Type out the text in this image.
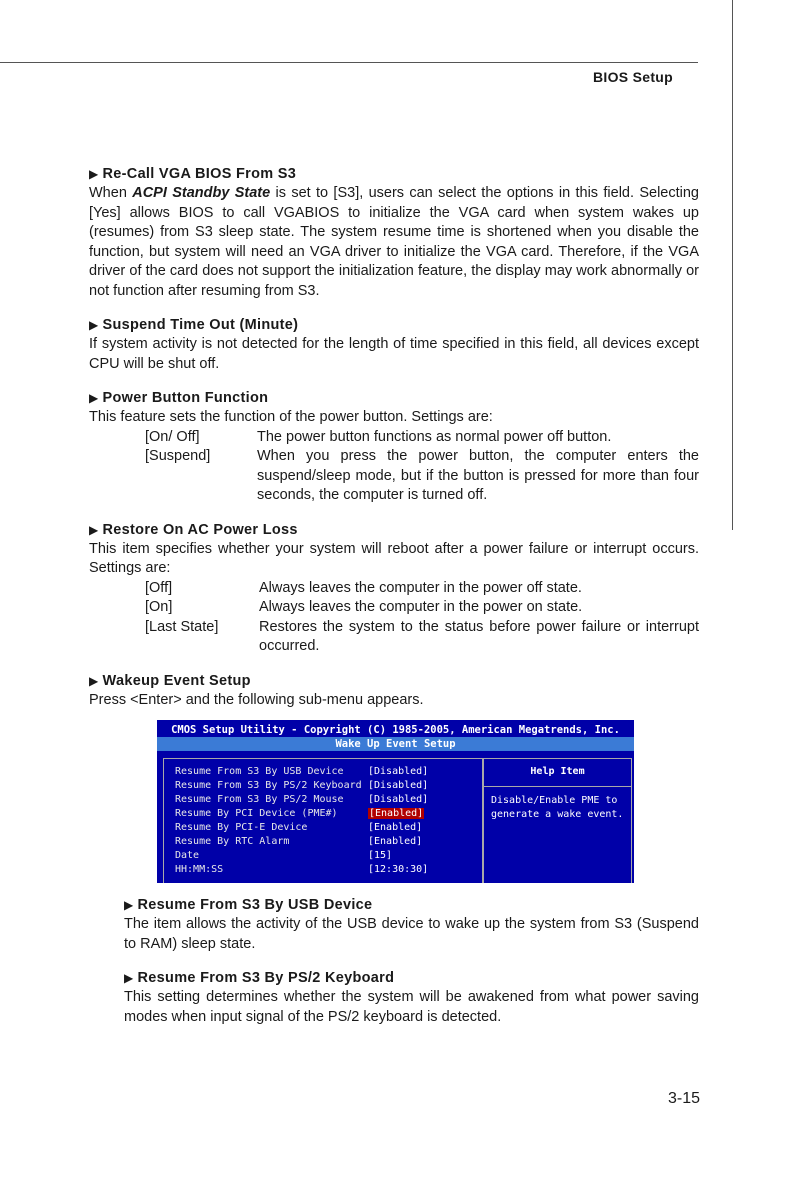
BIOS Setup
▶ Re-Call VGA BIOS From S3

When ACPI Standby State is set to [S3], users can select the options in this field. Selecting [Yes] allows BIOS to call VGABIOS to initialize the VGA card when system wakes up (resumes) from S3 sleep state. The system resume time is shortened when you disable the function, but system will need an VGA driver to initialize the VGA card. Therefore, if the VGA driver of the card does not support the initialization feature, the display may work abnormally or not function after resuming from S3.

▶ Suspend Time Out (Minute)

If system activity is not detected for the length of time specified in this field, all devices except CPU will be shut off.

▶ Power Button Function

This feature sets the function of the power button. Settings are:

[On/ Off]	The power button functions as normal power off button.
[Suspend]	When you press the power button, the computer enters the suspend/sleep mode, but if the button is pressed for more than four seconds, the computer is turned off.
▶ Restore On AC Power Loss

This item specifies whether your system will reboot after a power failure or interrupt occurs. Settings are:

[Off]	Always leaves the computer in the power off state.
[On]	Always leaves the computer in the power on state.
[Last State]	Restores the system to the status before power failure or interrupt occurred.
▶ Wakeup Event Setup

Press <Enter> and the following sub-menu appears.

CMOS Setup Utility - Copyright (C) 1985-2005, American Megatrends, Inc.
Wake Up Event Setup
Resume From S3 By USB Device [Disabled]
Resume From S3 By PS/2 Keyboard [Disabled]
Resume From S3 By PS/2 Mouse [Disabled]
Resume By PCI Device (PME#)	[Enabled]
Resume By PCI-E Device	[Enabled]
Resume By RTC Alarm	[Enabled]
Date	[15]
HH:MM:SS	[12:30:30]
Help Item
Disable/Enable PME to generate a wake event.
▶ Resume From S3 By USB Device

The item allows the activity of the USB device to wake up the system from S3 (Suspend to RAM) sleep state.

▶ Resume From S3 By PS/2 Keyboard

This setting determines whether the system will be awakened from what power saving modes when input signal of the PS/2 keyboard is detected.

3-15
